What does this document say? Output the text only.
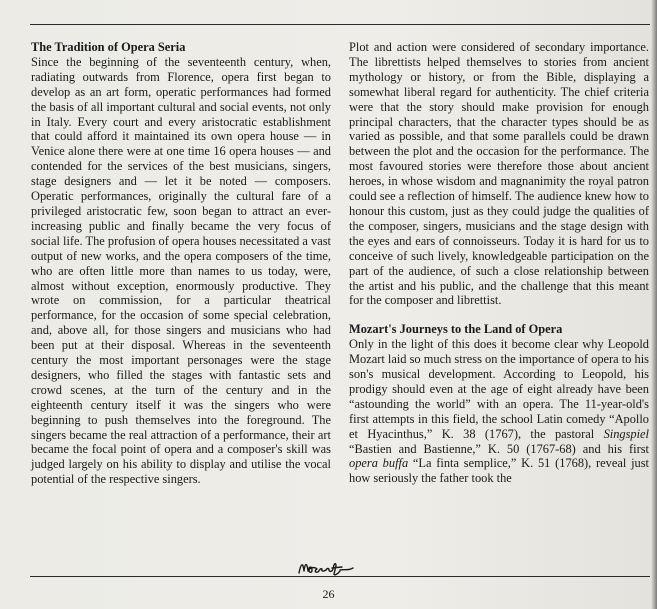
The Tradition of Opera Seria

Since the beginning of the seventeenth century, when, radiating outwards from Florence, opera first began to develop as an art form, operatic performances had formed the basis of all important cultural and social events, not only in Italy. Every court and every aristocratic establishment that could afford it maintained its own opera house — in Venice alone there were at one time 16 opera houses — and contended for the services of the best musicians, singers, stage designers and — let it be noted — composers. Operatic performances, originally the cultural fare of a privileged aristocratic few, soon began to attract an ever-increasing public and finally became the very focus of social life. The profusion of opera houses necessitated a vast output of new works, and the opera composers of the time, who are often little more than names to us today, were, almost without exception, enormously productive. They wrote on commission, for a particular theatrical performance, for the occasion of some special celebration, and, above all, for those singers and musicians who had been put at their disposal. Whereas in the seventeenth century the most important personages were the stage designers, who filled the stages with fantastic sets and crowd scenes, at the turn of the century and in the eighteenth century itself it was the singers who were beginning to push themselves into the foreground. The singers became the real attraction of a performance, their art became the focal point of opera and a composer's skill was judged largely on his ability to display and utilise the vocal potential of the respective singers.

Plot and action were considered of secondary importance. The librettists helped themselves to stories from ancient mythology or history, or from the Bible, displaying a somewhat liberal regard for authenticity. The chief criteria were that the story should make provision for enough principal characters, that the character types should be as varied as possible, and that some parallels could be drawn between the plot and the occasion for the performance. The most favoured stories were therefore those about ancient heroes, in whose wisdom and magnanimity the royal patron could see a reflection of himself. The audience knew how to honour this custom, just as they could judge the qualities of the composer, singers, musicians and the stage design with the eyes and ears of connoisseurs. Today it is hard for us to conceive of such lively, knowledgeable participation on the part of the audience, of such a close relationship between the artist and his public, and the challenge that this meant for the composer and librettist.

Mozart's Journeys to the Land of Opera

Only in the light of this does it become clear why Leopold Mozart laid so much stress on the importance of opera to his son's musical development. According to Leopold, his prodigy should even at the age of eight already have been “astounding the world” with an opera. The 11-year-old's first attempts in this field, the school Latin comedy “Apollo et Hyacinthus,” K. 38 (1767), the pastoral Singspiel “Bastien and Bastienne,” K. 50 (1767-68) and his first opera buffa “La finta semplice,” K. 51 (1768), reveal just how seriously the father took the

26
